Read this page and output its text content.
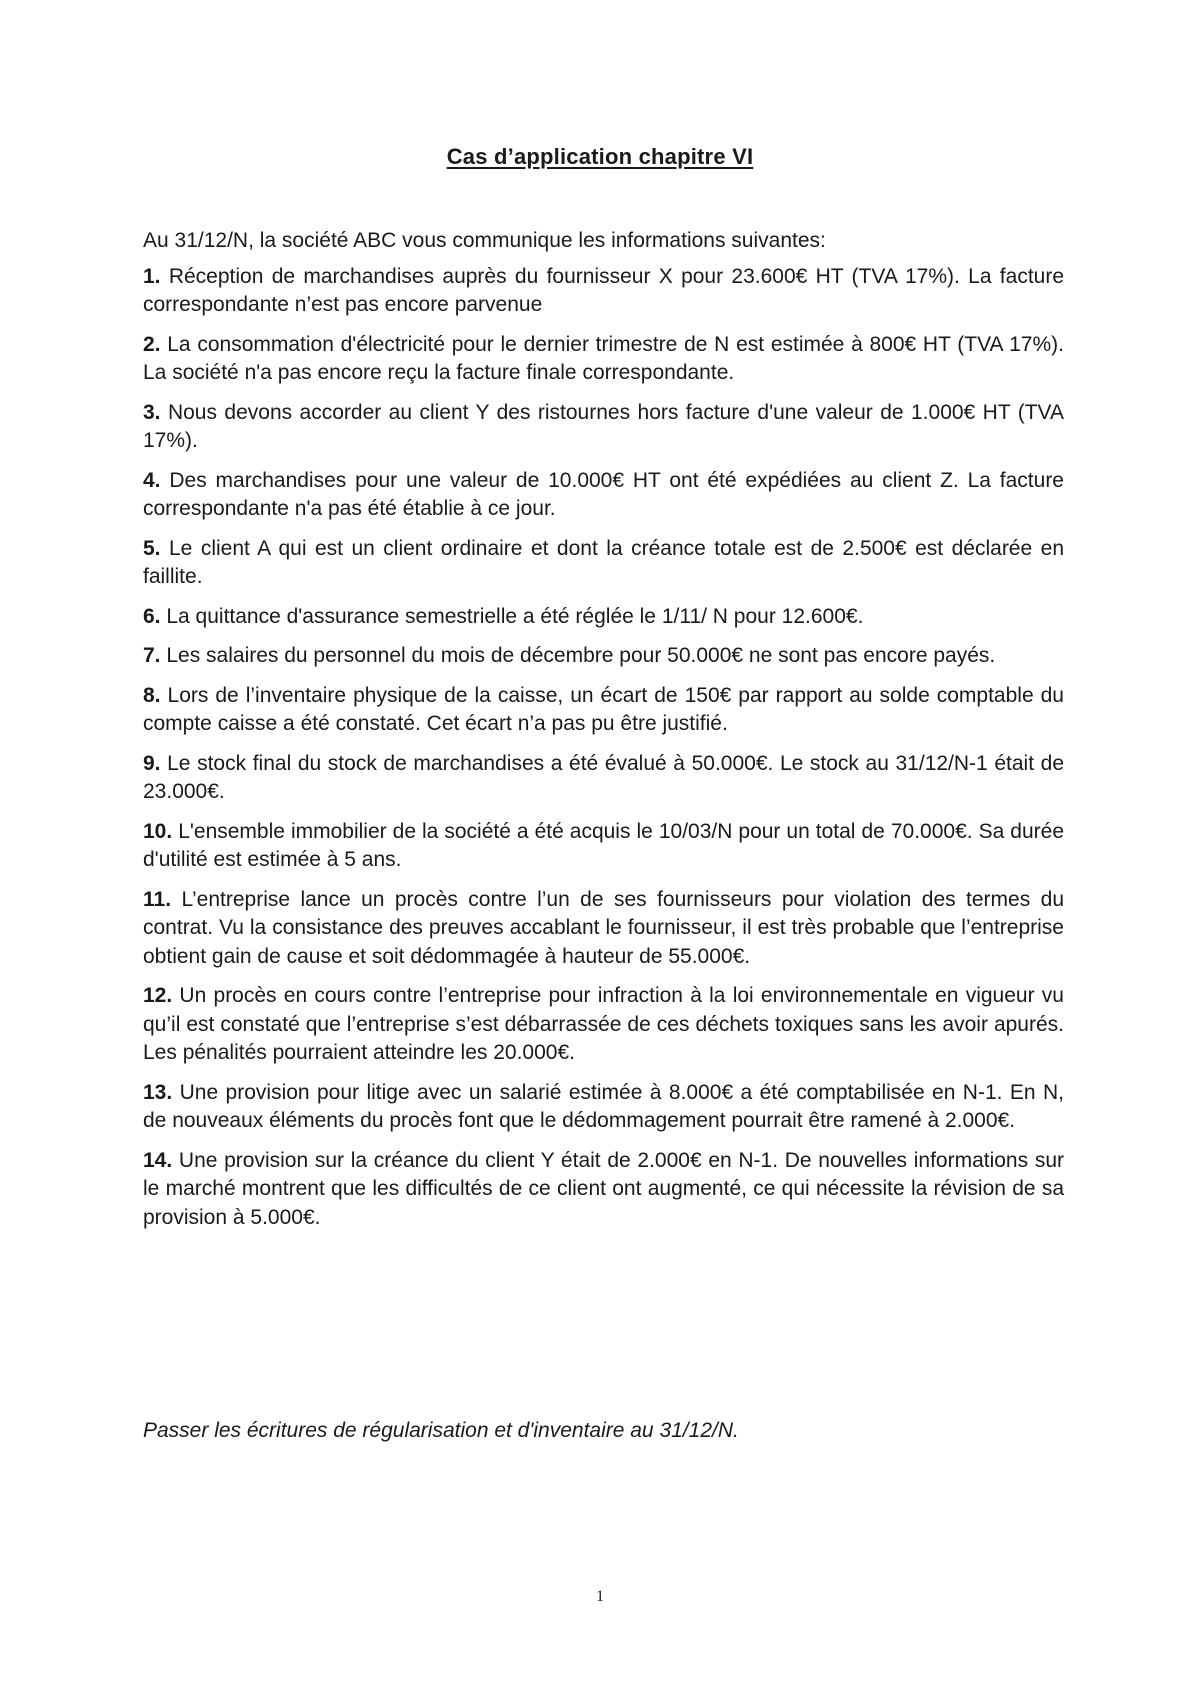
Cas d’application chapitre VI

Au 31/12/N, la société ABC vous communique les informations suivantes:

1. Réception de marchandises auprès du fournisseur X pour 23.600€ HT (TVA 17%). La facture correspondante n’est pas encore parvenue

2. La consommation d'électricité pour le dernier trimestre de N est estimée à 800€ HT (TVA 17%). La société n'a pas encore reçu la facture finale correspondante.

3. Nous devons accorder au client Y des ristournes hors facture d'une valeur de 1.000€ HT (TVA 17%).

4. Des marchandises pour une valeur de 10.000€ HT ont été expédiées au client Z. La facture correspondante n'a pas été établie à ce jour.

5. Le client A qui est un client ordinaire et dont la créance totale est de 2.500€ est déclarée en faillite.

6. La quittance d'assurance semestrielle a été réglée le 1/11/ N pour 12.600€.

7. Les salaires du personnel du mois de décembre pour 50.000€ ne sont pas encore payés.

8. Lors de l’inventaire physique de la caisse, un écart de 150€ par rapport au solde comptable du compte caisse a été constaté. Cet écart n’a pas pu être justifié.

9. Le stock final du stock de marchandises a été évalué à 50.000€. Le stock au 31/12/N-1 était de 23.000€.

10. L'ensemble immobilier de la société a été acquis le 10/03/N pour un total de 70.000€. Sa durée d'utilité est estimée à 5 ans.

11. L’entreprise lance un procès contre l’un de ses fournisseurs pour violation des termes du contrat. Vu la consistance des preuves accablant le fournisseur, il est très probable que l’entreprise obtient gain de cause et soit dédommagée à hauteur de 55.000€.

12. Un procès en cours contre l’entreprise pour infraction à la loi environnementale en vigueur vu qu’il est constaté que l’entreprise s’est débarrassée de ces déchets toxiques sans les avoir apurés. Les pénalités pourraient atteindre les 20.000€.

13. Une provision pour litige avec un salarié estimée à 8.000€ a été comptabilisée en N-1. En N, de nouveaux éléments du procès font que le dédommagement pourrait être ramené à 2.000€.

14. Une provision sur la créance du client Y était de 2.000€ en N-1. De nouvelles informations sur le marché montrent que les difficultés de ce client ont augmenté, ce qui nécessite la révision de sa provision à 5.000€.

Passer les écritures de régularisation et d'inventaire au 31/12/N.
1
